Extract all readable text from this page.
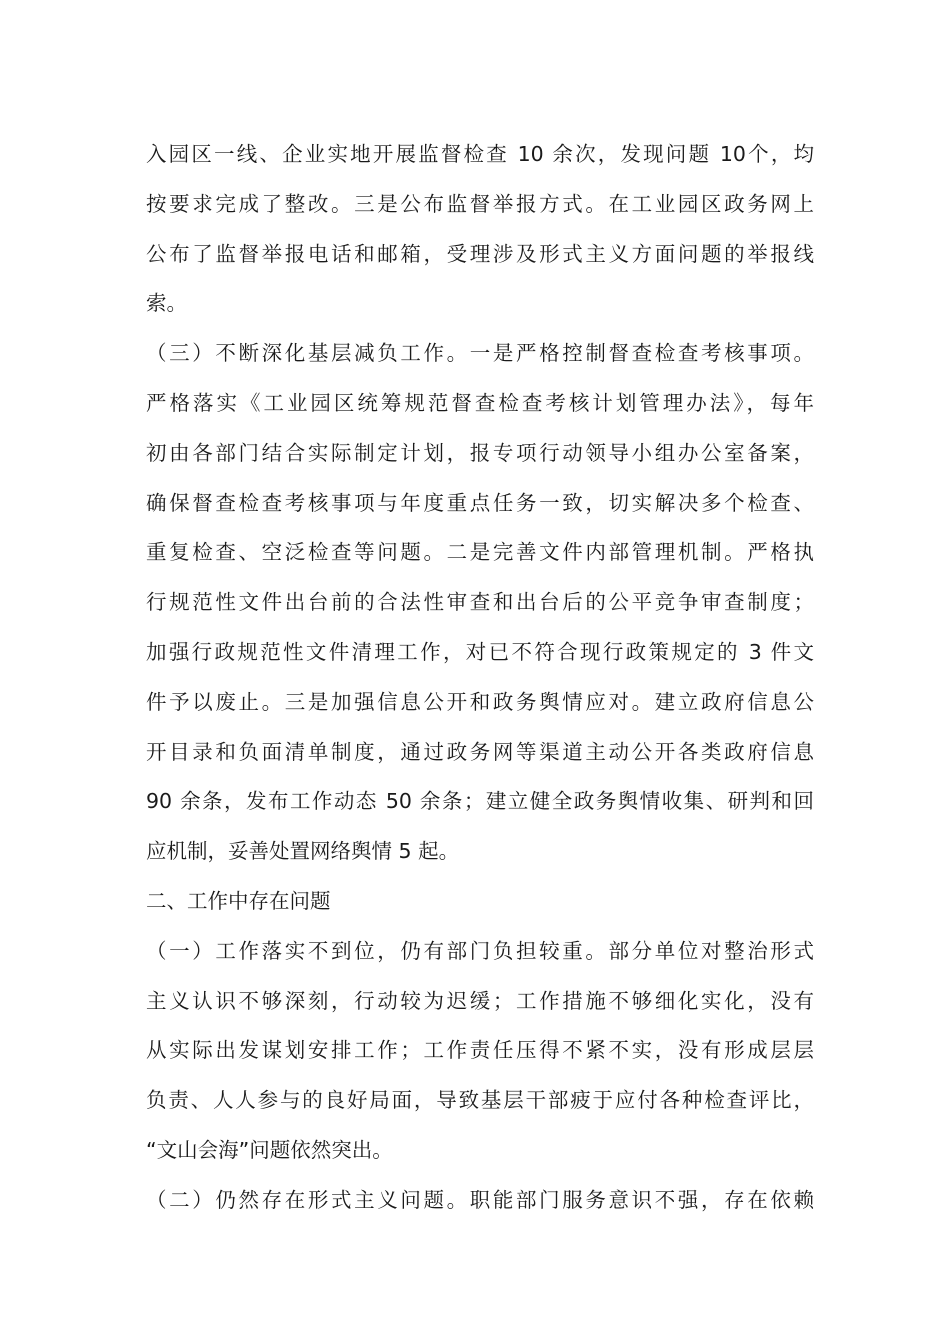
入园区一线、企业实地开展监督检查 10 余次，发现问题 10个，均
按要求完成了整改。三是公布监督举报方式。在工业园区政务网上
公布了监督举报电话和邮箱，受理涉及形式主义方面问题的举报线
索。
（三）不断深化基层减负工作。一是严格控制督查检查考核事项。
严格落实《工业园区统筹规范督查检查考核计划管理办法》，每年
初由各部门结合实际制定计划，报专项行动领导小组办公室备案，
确保督查检查考核事项与年度重点任务一致，切实解决多个检查、
重复检查、空泛检查等问题。二是完善文件内部管理机制。严格执
行规范性文件出台前的合法性审查和出台后的公平竞争审查制度；
加强行政规范性文件清理工作，对已不符合现行政策规定的 3 件文
件予以废止。三是加强信息公开和政务舆情应对。建立政府信息公
开目录和负面清单制度，通过政务网等渠道主动公开各类政府信息
90 余条，发布工作动态 50 余条；建立健全政务舆情收集、研判和回
应机制，妥善处置网络舆情 5 起。
二、工作中存在问题
（一）工作落实不到位，仍有部门负担较重。部分单位对整治形式
主义认识不够深刻，行动较为迟缓；工作措施不够细化实化，没有
从实际出发谋划安排工作；工作责任压得不紧不实，没有形成层层
负责、人人参与的良好局面，导致基层干部疲于应付各种检查评比，
“文山会海”问题依然突出。
（二）仍然存在形式主义问题。职能部门服务意识不强，存在依赖
